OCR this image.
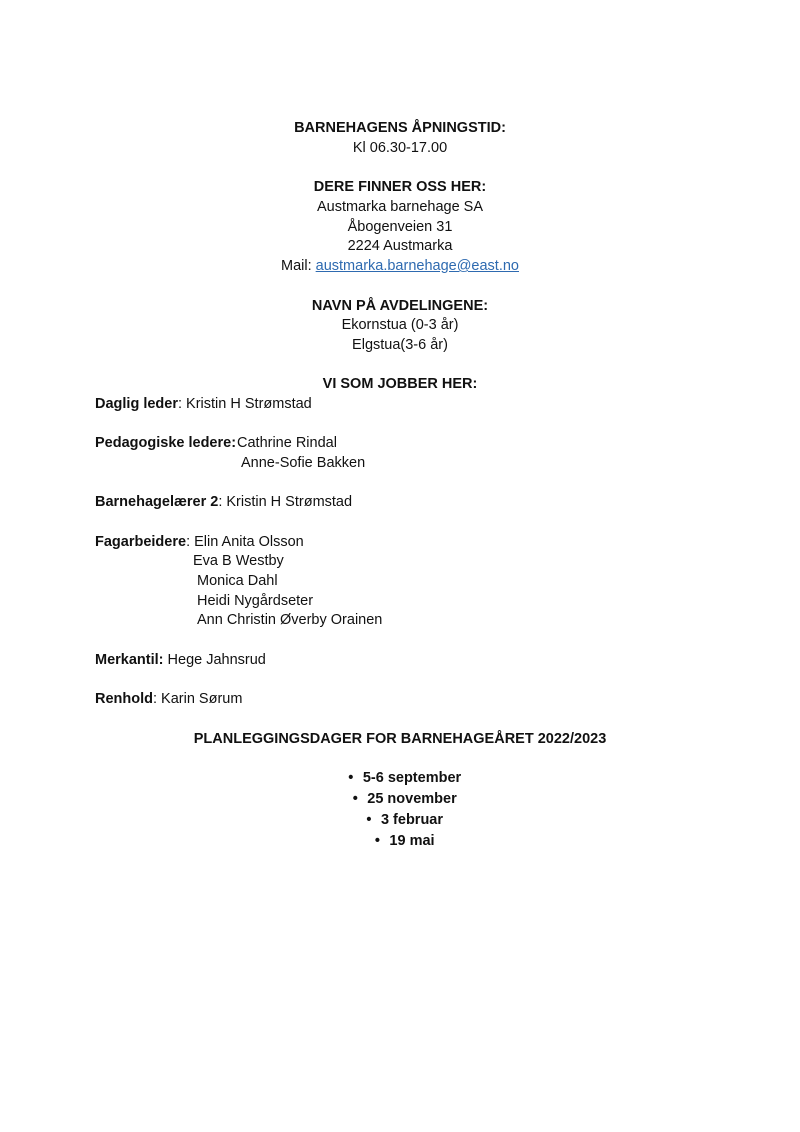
BARNEHAGENS ÅPNINGSTID:
Kl 06.30-17.00
DERE FINNER OSS HER:
Austmarka barnehage SA
Åbogenveien 31
2224 Austmarka
Mail: austmarka.barnehage@east.no
NAVN PÅ AVDELINGENE:
Ekornstua (0-3 år)
Elgstua(3-6 år)
VI SOM JOBBER HER:
Daglig leder: Kristin H Strømstad
Pedagogiske ledere: Cathrine Rindal
Anne-Sofie Bakken
Barnehagelærer 2: Kristin H Strømstad
Fagarbeidere: Elin Anita Olsson
Eva B Westby
Monica Dahl
Heidi Nygårdseter
Ann Christin Øverby Orainen
Merkantil: Hege Jahnsrud
Renhold: Karin Sørum
PLANLEGGINGSDAGER FOR BARNEHAGEÅRET 2022/2023
• 5-6 september
• 25 november
• 3 februar
• 19 mai
